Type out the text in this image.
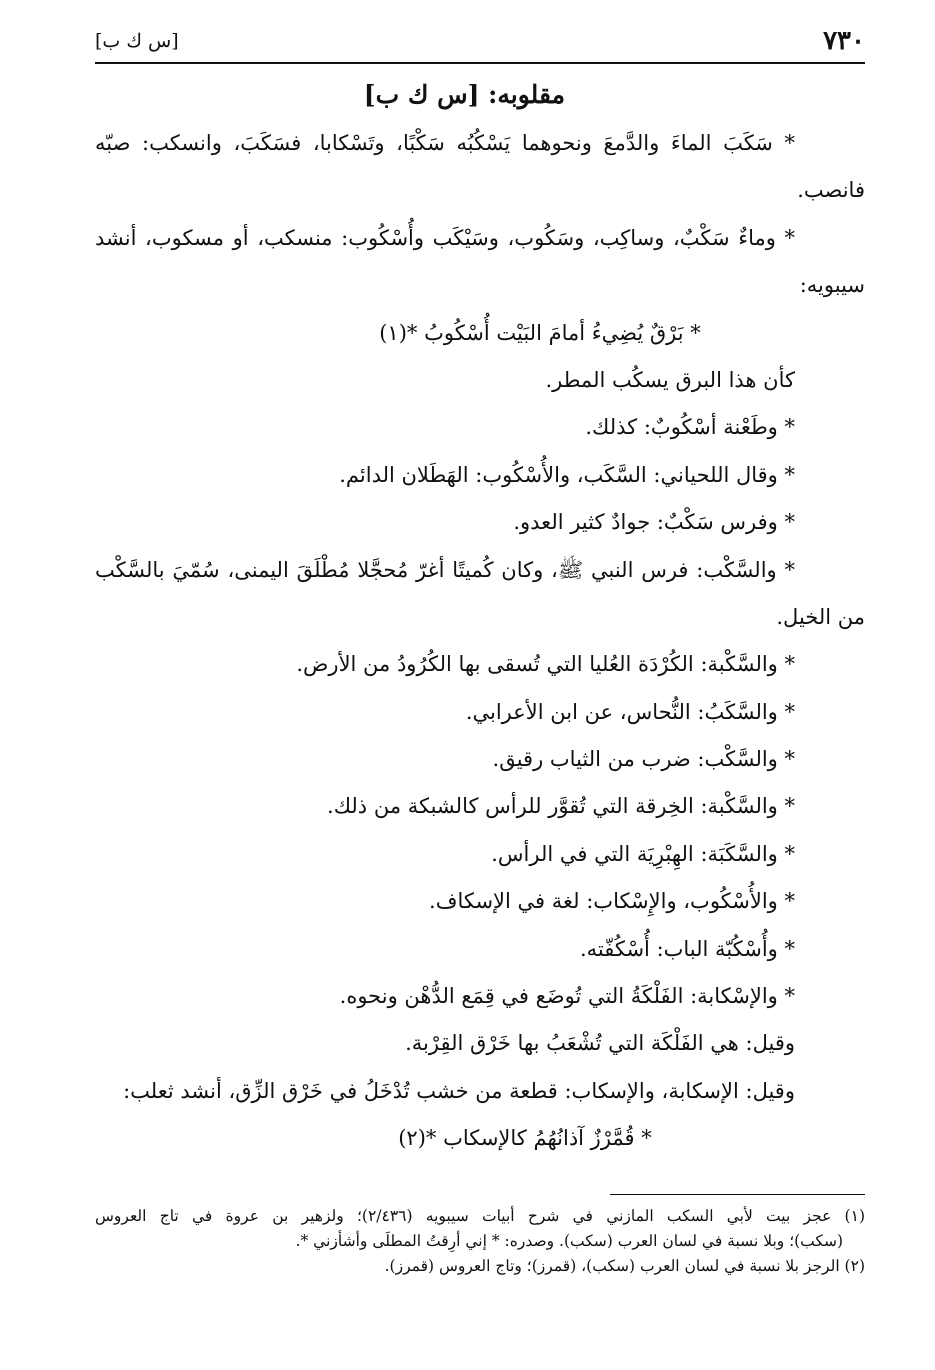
٧٣٠
[س ك ب]
مقلوبه: [س ك ب]
* سَكَبَ الماءَ والدَّمعَ ونحوهما يَسْكُبُه سَكْبًا، وتَسْكابا، فسَكَبَ، وانسكب: صبّه
فانصب.
* وماءٌ سَكْبٌ، وساكِب، وسَكُوب، وسَيْكَب وأُسْكُوب: منسكب، أو مسكوب، أنشد
سيبويه:
* بَرْقٌ يُضِيءُ أمامَ البَيْت أُسْكُوبُ *(١)
كأن هذا البرق يسكُب المطر.
* وطَعْنة أسْكُوبٌ: كذلك.
* وقال اللحياني: السَّكَب، والأُسْكُوب: الهَطَلان الدائم.
* وفرس سَكْبٌ: جوادٌ كثير العدو.
* والسَّكْب: فرس النبي ﷺ، وكان كُميتًا أغرّ مُحجَّلا مُطْلَقَ اليمنى، سُمّيَ بالسَّكْب
من الخيل.
* والسَّكْبة: الكُرْدَة العُليا التي تُسقى بها الكُرُودُ من الأرض.
* والسَّكَبُ: النُّحاس، عن ابن الأعرابي.
* والسَّكْب: ضرب من الثياب رقيق.
* والسَّكْبة: الخِرقة التي تُقوَّر للرأس كالشبكة من ذلك.
* والسَّكَبَة: الهِبْرِيَة التي في الرأس.
* والأُسْكُوب، والإِسْكاب: لغة في الإسكاف.
* وأُسْكُبّة الباب: أُسْكُفّته.
* والإسْكابة: الفَلْكَةُ التي تُوضَع في قِمَع الدُّهْن ونحوه.
وقيل: هي الفَلْكَة التي تُشْعَبُ بها خَرْق القِرْبة.
وقيل: الإسكابة، والإسكاب: قطعة من خشب تُدْخَلُ في خَرْق الزِّق، أنشد ثعلب:
* قُمَّرْزٌ آذانُهُمُ كالإسكاب *(٢)
(١) عجز بيت لأبي السكب المازني في شرح أبيات سيبويه (٢/٤٣٦)؛ ولزهير بن عروة في تاج العروس
(سكب)؛ وبلا نسبة في لسان العرب (سكب). وصدره: * إني أرِقتُ المطلَى وأشأزني *.
(٢) الرجز بلا نسبة في لسان العرب (سكب)، (قمرز)؛ وتاج العروس (قمرز).
